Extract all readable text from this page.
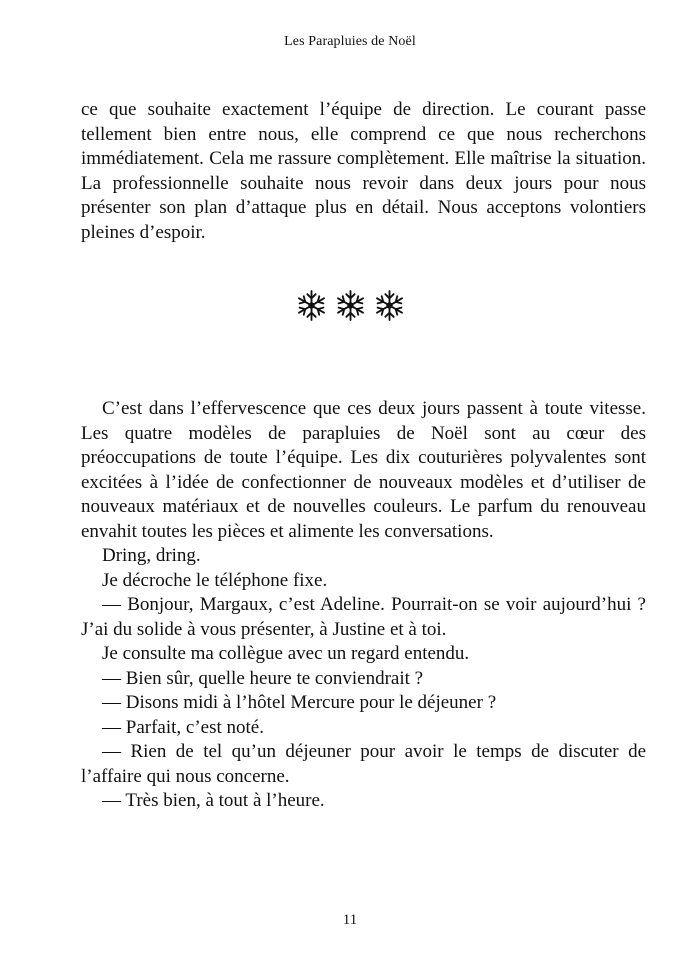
Les Parapluies de Noël

ce que souhaite exactement l’équipe de direction. Le courant passe tellement bien entre nous, elle comprend ce que nous recherchons immédiatement. Cela me rassure complètement. Elle maîtrise la situation. La professionnelle souhaite nous revoir dans deux jours pour nous présenter son plan d’attaque plus en détail. Nous acceptons volontiers pleines d’espoir.

C’est dans l’effervescence que ces deux jours passent à toute vitesse. Les quatre modèles de parapluies de Noël sont au cœur des préoccupations de toute l’équipe. Les dix couturières polyvalentes sont excitées à l’idée de confectionner de nouveaux modèles et d’utiliser de nouveaux matériaux et de nouvelles couleurs. Le parfum du renouveau envahit toutes les pièces et alimente les conversations.

Dring, dring.

Je décroche le téléphone fixe.

— Bonjour, Margaux, c’est Adeline. Pourrait-on se voir aujourd’hui ? J’ai du solide à vous présenter, à Justine et à toi.

Je consulte ma collègue avec un regard entendu.

— Bien sûr, quelle heure te conviendrait ?

— Disons midi à l’hôtel Mercure pour le déjeuner ?

— Parfait, c’est noté.

— Rien de tel qu’un déjeuner pour avoir le temps de discuter de l’affaire qui nous concerne.

— Très bien, à tout à l’heure.

11
